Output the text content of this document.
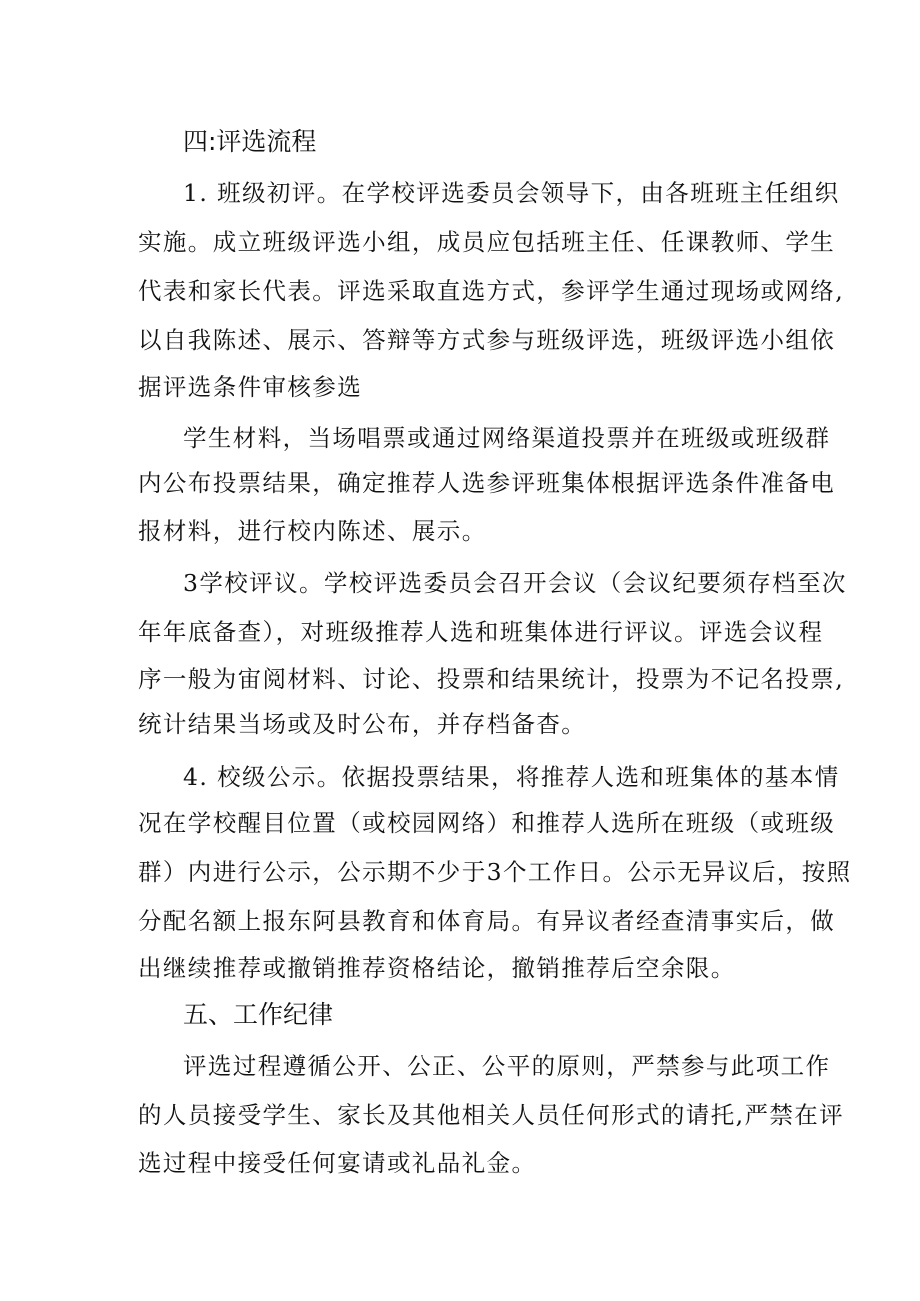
四:评选流程
1. 班级初评。在学校评选委员会领导下，由各班班主任组织
实施。成立班级评选小组，成员应包括班主任、任课教师、学生
代表和家长代表。评选采取直选方式，参评学生通过现场或网络,
以自我陈述、展示、答辩等方式参与班级评选，班级评选小组依
据评选条件审核参选
学生材料，当场唱票或通过网络渠道投票并在班级或班级群
内公布投票结果，确定推荐人选参评班集体根据评选条件准备电
报材料，进行校内陈述、展示。
3学校评议。学校评选委员会召开会议（会议纪要须存档至次
年年底备查），对班级推荐人选和班集体进行评议。评选会议程
序一般为宙阅材料、讨论、投票和结果统计，投票为不记名投票,
统计结果当场或及时公布，并存档备杳。
4. 校级公示。依据投票结果，将推荐人选和班集体的基本情
况在学校醒目位置（或校园网络）和推荐人选所在班级（或班级
群）内进行公示，公示期不少于3个工作日。公示无异议后，按照
分配名额上报东阿县教育和体育局。有异议者经查清事实后，做
出继续推荐或撤销推荐资格结论，撤销推荐后空余限。
五、工作纪律
评选过程遵循公开、公正、公平的原则，严禁参与此项工作
的人员接受学生、家长及其他相关人员任何形式的请托,严禁在评
选过程中接受任何宴请或礼品礼金。
